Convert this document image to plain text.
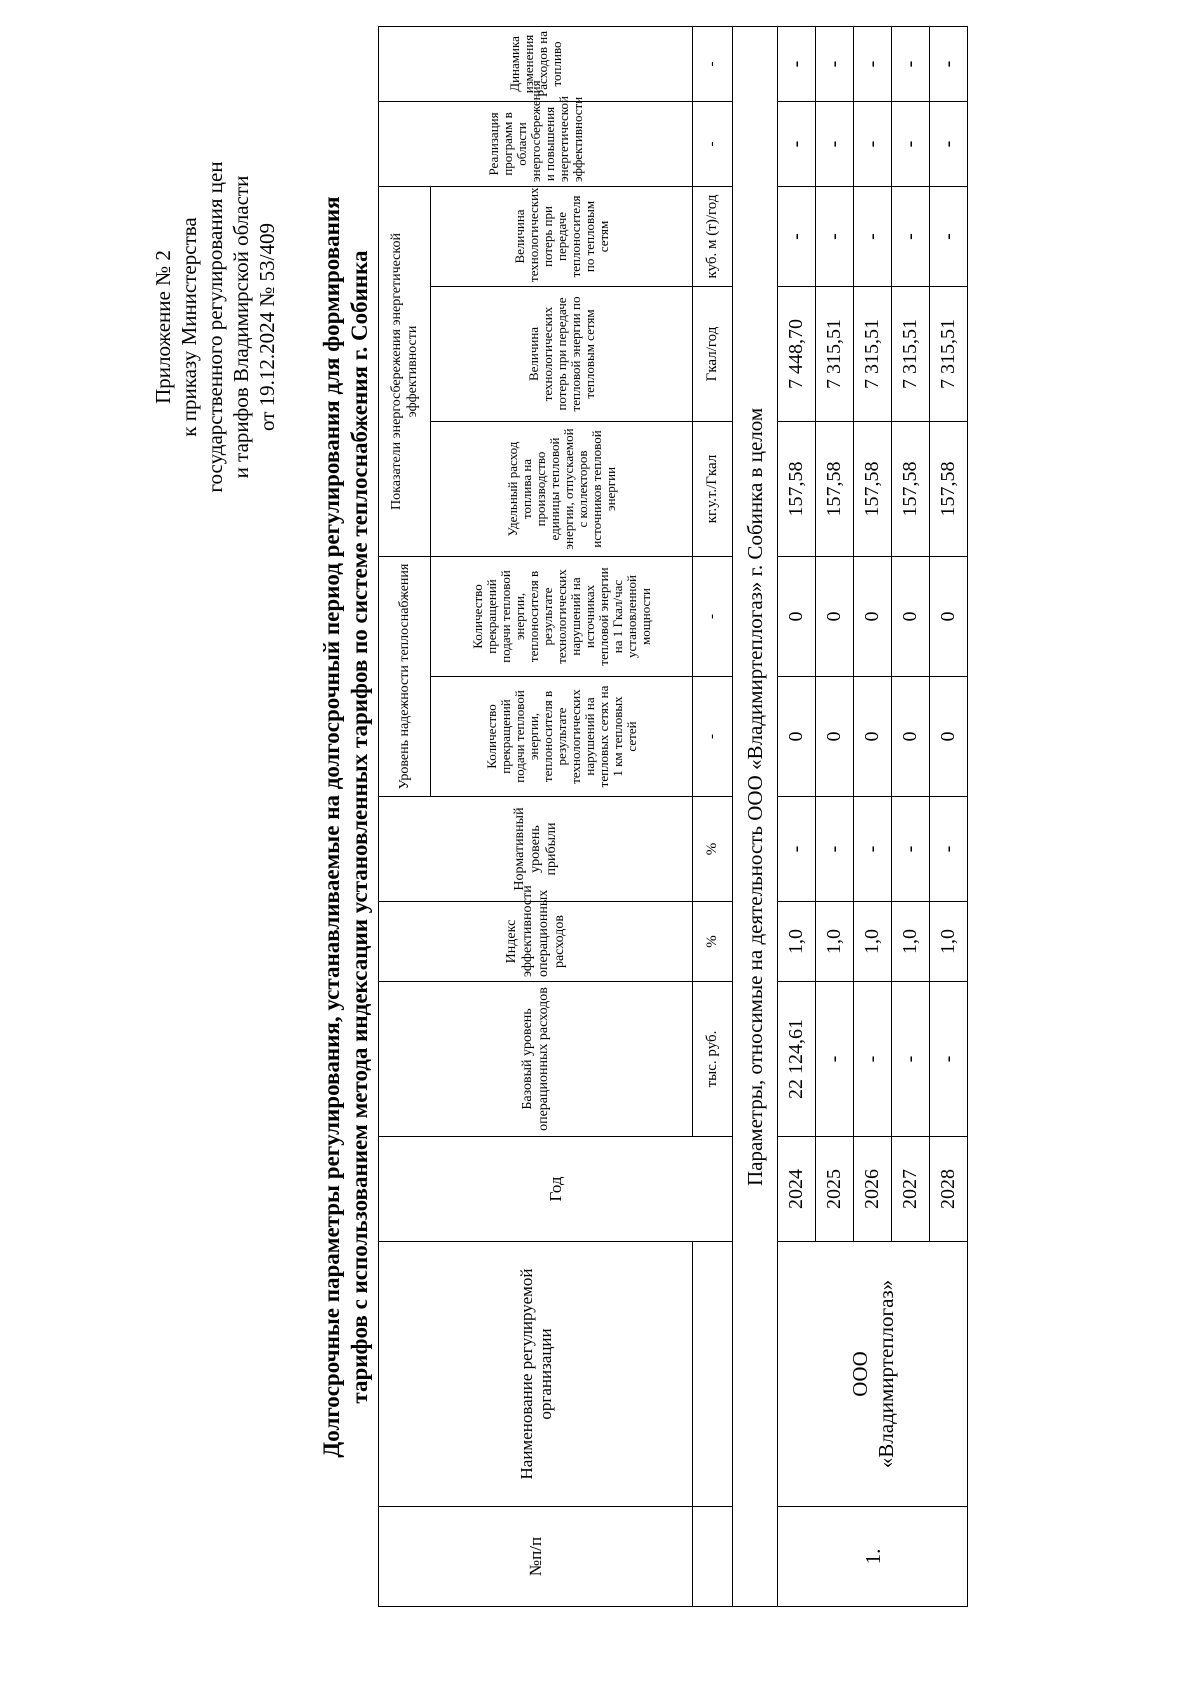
Приложение № 2 к приказу Министерства государственного регулирования цен и тарифов Владимирской области от 19.12.2024 № 53/409 Долгосрочные параметры регулирования, устанавливаемые на долгосрочный период регулирования для формирования тарифов с использованием метода индексации установленных тарифов по системе теплоснабжения г. Собинка
№п/п	Наименование регулируемой организации	Год	Базовый уровень операционных расходов	Индекс эффективности операционных расходов	Нормативный уровень прибыли	Уровень надежности теплоснабжения		Показатели энергосбережения энергетической эффективности			Реализация программ в области энергосбережения и повышения энергетической эффективности	Динамика изменения Расходов на топливо

						Количество прекращений подачи тепловой энергии, теплоносителя в результате технологических нарушений на тепловых сетях на 1 км тепловых сетей	Количество прекращений подачи тепловой энергии, теплоносителя в результате технологических нарушений на источниках тепловой энергии на 1 Гкал/час установленной мощности	Удельный расход топлива на производство единицы тепловой энергии, отпускаемой с коллекторов источников тепловой энергии	Величина технологических потерь при передаче тепловой энергии по тепловым сетям	Величина технологических потерь при передаче теплоносителя по тепловым сетям		
			тыс. руб.	%	%	-	-	кг.у.т./Гкал	Гкал/год	куб. м (т)/год	-	-
Параметры, относимые на деятельность ООО «Владимиртеплогаз» г. Собинка в целом												
1.	ООО «Владимиртеплогаз»	2024	22 124,61	1,0	-	0	0	157,58	7 448,70	-	-	-
		2025	-	1,0	-	0	0	157,58	7 315,51	-	-	-
		2026	-	1,0	-	0	0	157,58	7 315,51	-	-	-
		2027	-	1,0	-	0	0	157,58	7 315,51	-	-	-
		2028	-	1,0	-	0	0	157,58	7 315,51	-	-	-
